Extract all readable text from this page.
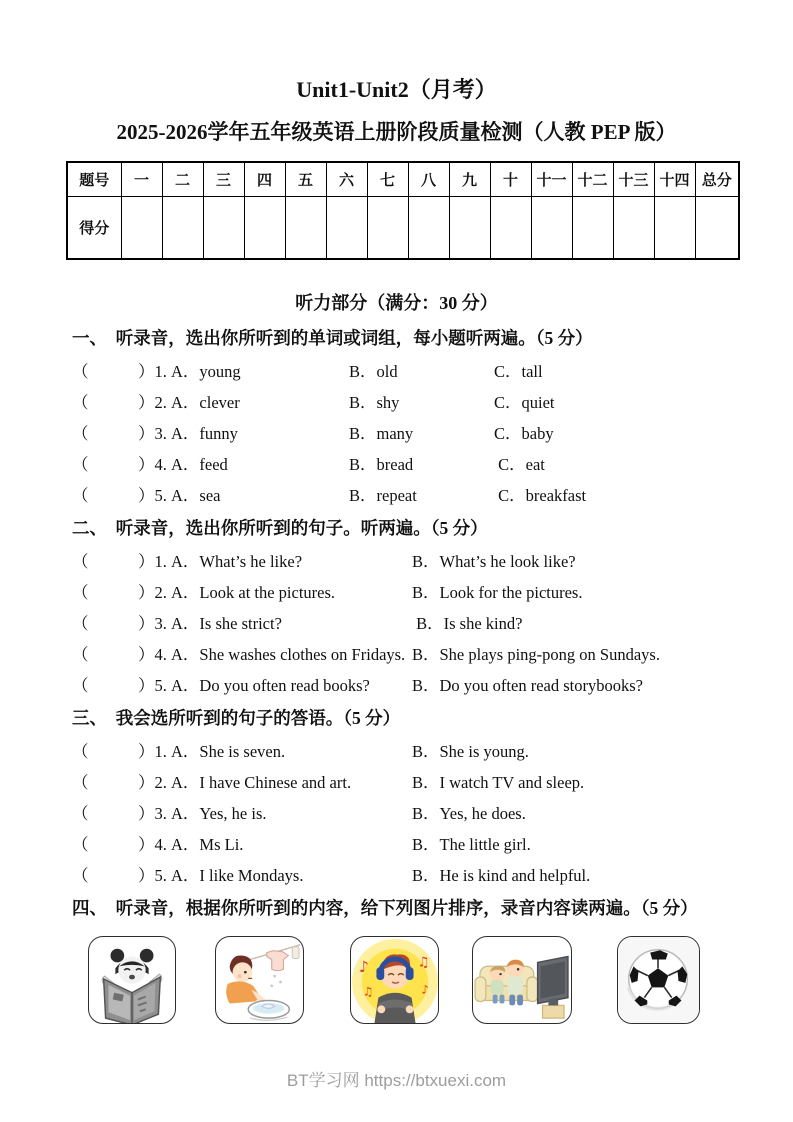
Unit1-Unit2（月考）
2025-2026学年五年级英语上册阶段质量检测（人教 PEP 版）
题号	一	二	三	四	五	六	七	八	九	十	十一	十二	十三	十四	总分
得分															
听力部分（满分：30 分）
一、　听录音，选出你所听到的单词或词组，每小题听两遍。（5 分）
（　　　）1. A．young	B．old	C．tall
（　　　）2. A．clever	B．shy	C．quiet
（　　　）3. A．funny	B．many	C．baby
（　　　）4. A．feed	B．bread	C．eat
（　　　）5. A．sea	B．repeat	C．breakfast
二、　听录音，选出你所听到的句子。听两遍。（5 分）
（　　　）1. A．What’s he like?	B．What’s he look like?
（　　　）2. A．Look at the pictures.	B．Look for the pictures.
（　　　）3. A．Is she strict?	B．Is she kind?
（　　　）4. A．She washes clothes on Fridays. B．She plays ping-pong on Sundays.
（　　　）5. A．Do you often read books?	B．Do you often read storybooks?
三、　我会选所听到的句子的答语。（5 分）
（　　　）1. A．She is seven.	B．She is young.
（　　　）2. A．I have Chinese and art.	B．I watch TV and sleep.
（　　　）3. A．Yes, he is.	B．Yes, he does.
（　　　）4. A．Ms Li.	B．The little girl.
（　　　）5. A．I like Mondays.	B．He is kind and helpful.
四、　听录音，根据你所听到的内容，给下列图片排序，录音内容读两遍。（5 分）
♪
♫
♫
♪
BT学习网 https://btxuexi.com
